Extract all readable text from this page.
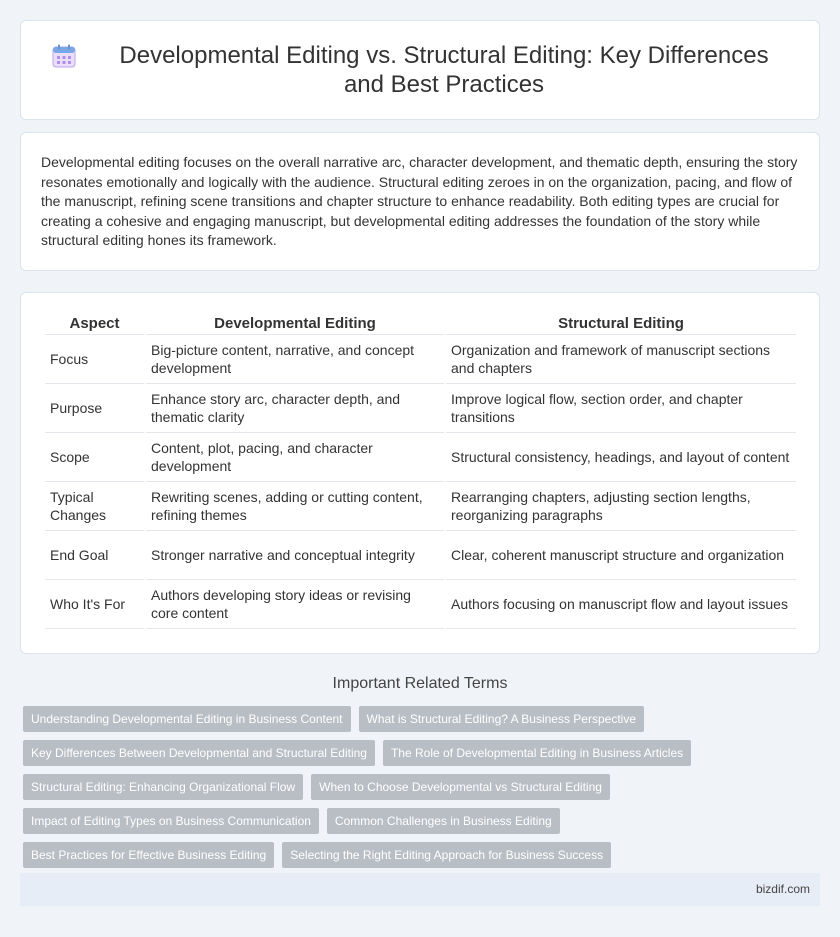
Developmental Editing vs. Structural Editing: Key Differences and Best Practices

Developmental editing focuses on the overall narrative arc, character development, and thematic depth, ensuring the story resonates emotionally and logically with the audience. Structural editing zeroes in on the organization, pacing, and flow of the manuscript, refining scene transitions and chapter structure to enhance readability. Both editing types are crucial for creating a cohesive and engaging manuscript, but developmental editing addresses the foundation of the story while structural editing hones its framework.

Aspect	Developmental Editing	Structural Editing
Focus	Big-picture content, narrative, and concept development	Organization and framework of manuscript sections and chapters
Purpose	Enhance story arc, character depth, and thematic clarity	Improve logical flow, section order, and chapter transitions
Scope	Content, plot, pacing, and character development	Structural consistency, headings, and layout of content
Typical Changes	Rewriting scenes, adding or cutting content, refining themes	Rearranging chapters, adjusting section lengths, reorganizing paragraphs
End Goal	Stronger narrative and conceptual integrity	Clear, coherent manuscript structure and organization
Who It's For	Authors developing story ideas or revising core content	Authors focusing on manuscript flow and layout issues
Important Related Terms
Understanding Developmental Editing in Business Content	What is Structural Editing? A Business Perspective
Key Differences Between Developmental and Structural Editing	The Role of Developmental Editing in Business Articles
Structural Editing: Enhancing Organizational Flow	When to Choose Developmental vs Structural Editing
Impact of Editing Types on Business Communication	Common Challenges in Business Editing
Best Practices for Effective Business Editing	Selecting the Right Editing Approach for Business Success
bizdif.com
